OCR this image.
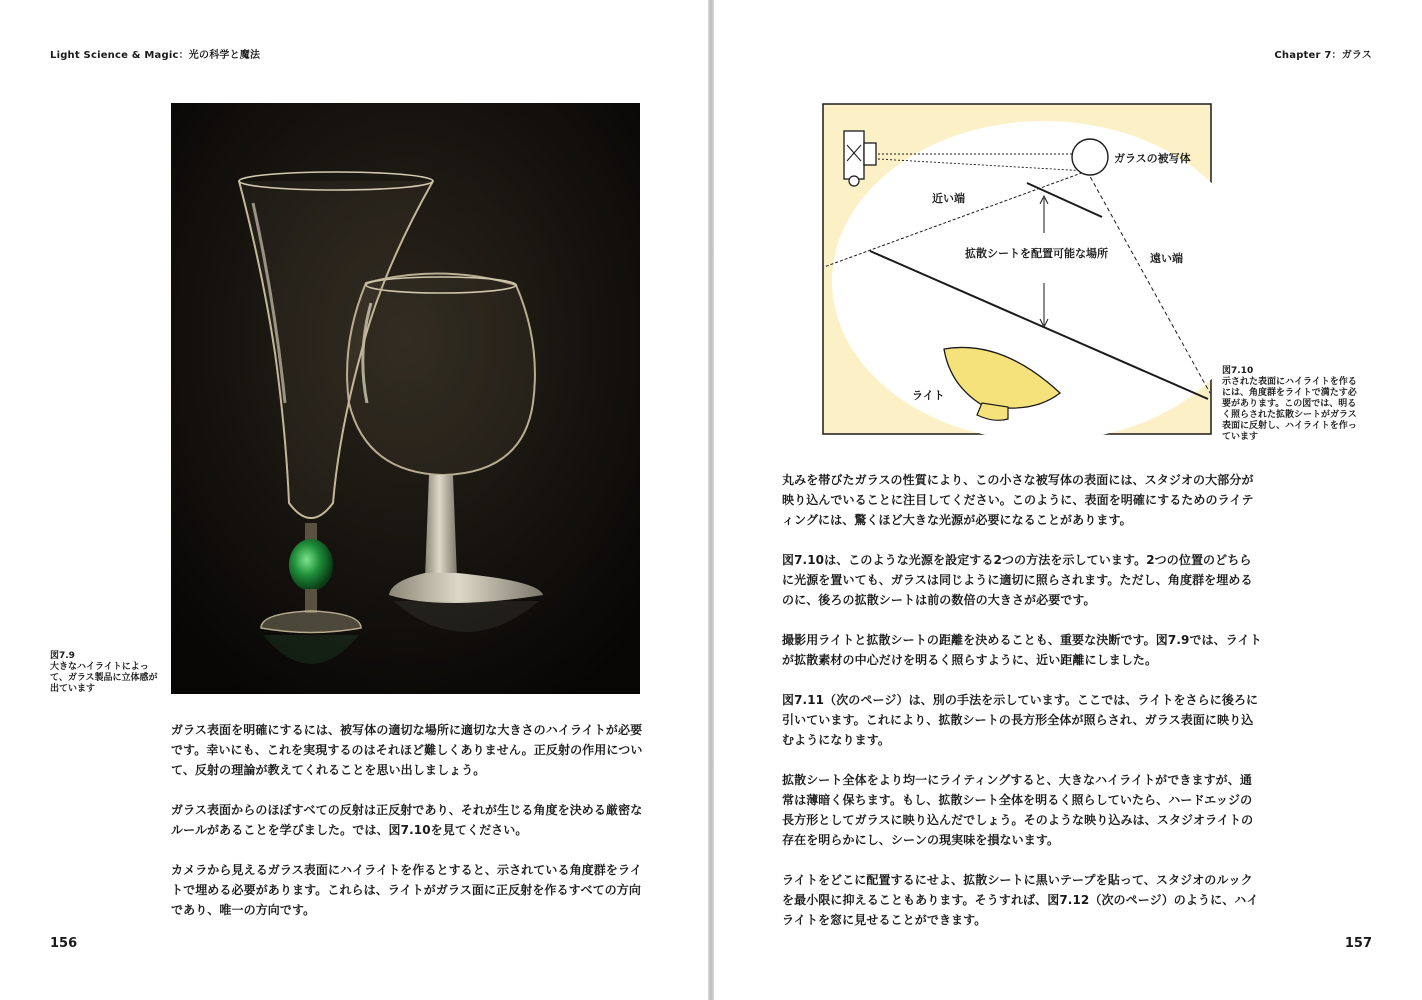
Light Science & Magic：光の科学と魔法
図7.9
大きなハイライトによって、ガラス製品に立体感が出ています

ガラス表面を明確にするには、被写体の適切な場所に適切な大きさのハイライトが必要です。幸いにも、これを実現するのはそれほど難しくありません。正反射の作用について、反射の理論が教えてくれることを思い出しましょう。

ガラス表面からのほぼすべての反射は正反射であり、それが生じる角度を決める厳密なルールがあることを学びました。では、図7.10を見てください。

カメラから見えるガラス表面にハイライトを作るとすると、示されている角度群をライトで埋める必要があります。これらは、ライトがガラス面に正反射を作るすべての方向であり、唯一の方向です。

156
Chapter 7：ガラス
ガラスの被写体
近い端
遠い端
拡散シートを配置可能な場所
ライト
図7.10
示された表面にハイライトを作るには、角度群をライトで満たす必要があります。この図では、明るく照らされた拡散シートがガラス表面に反射し、ハイライトを作っています

丸みを帯びたガラスの性質により、この小さな被写体の表面には、スタジオの大部分が映り込んでいることに注目してください。このように、表面を明確にするためのライティングには、驚くほど大きな光源が必要になることがあります。

図7.10は、このような光源を設定する2つの方法を示しています。2つの位置のどちらに光源を置いても、ガラスは同じように適切に照らされます。ただし、角度群を埋めるのに、後ろの拡散シートは前の数倍の大きさが必要です。

撮影用ライトと拡散シートの距離を決めることも、重要な決断です。図7.9では、ライトが拡散素材の中心だけを明るく照らすように、近い距離にしました。

図7.11（次のページ）は、別の手法を示しています。ここでは、ライトをさらに後ろに引いています。これにより、拡散シートの長方形全体が照らされ、ガラス表面に映り込むようになります。

拡散シート全体をより均一にライティングすると、大きなハイライトができますが、通常は薄暗く保ちます。もし、拡散シート全体を明るく照らしていたら、ハードエッジの長方形としてガラスに映り込んだでしょう。そのような映り込みは、スタジオライトの存在を明らかにし、シーンの現実味を損ないます。

ライトをどこに配置するにせよ、拡散シートに黒いテープを貼って、スタジオのルックを最小限に抑えることもあります。そうすれば、図7.12（次のページ）のように、ハイライトを窓に見せることができます。

157
